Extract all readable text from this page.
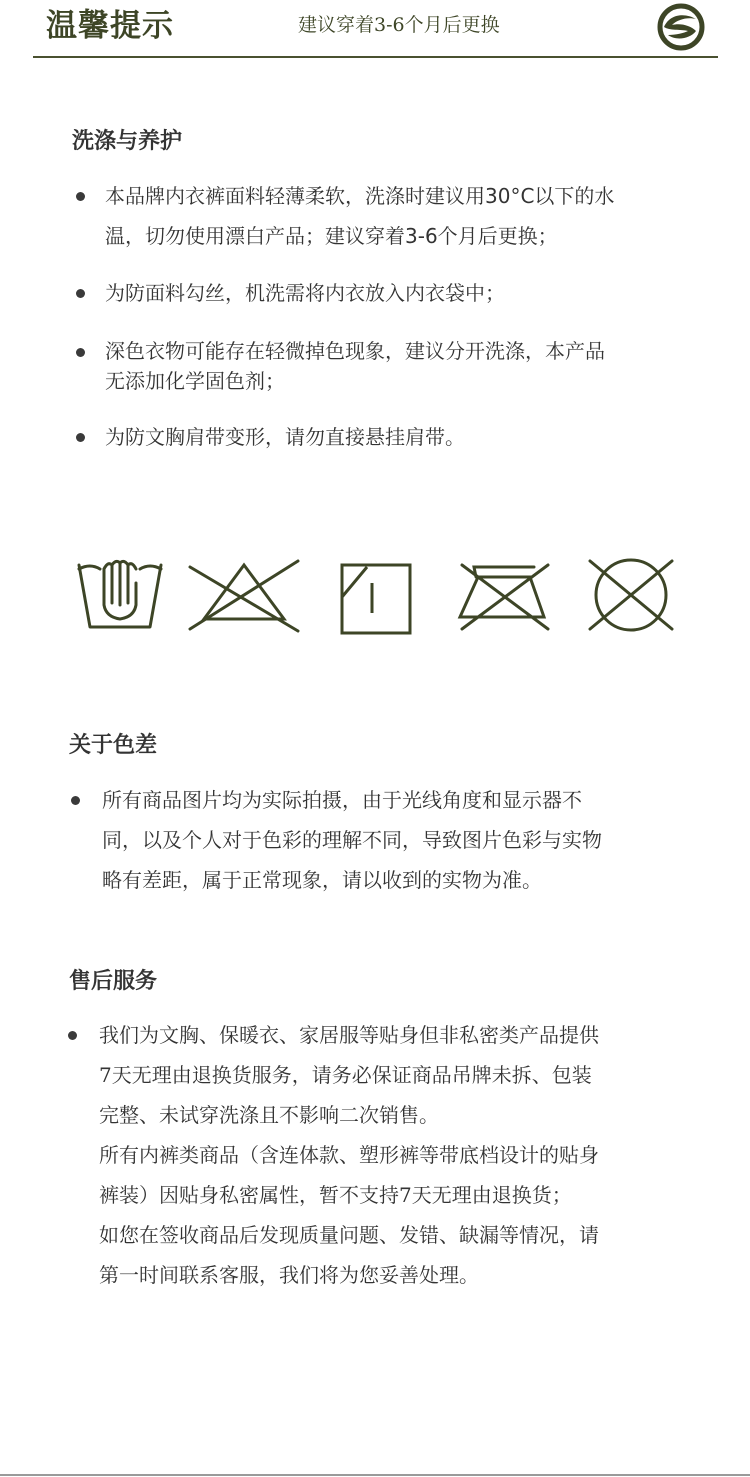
温馨提示	建议穿着3-6个月后更换
洗涤与养护
本品牌内衣裤面料轻薄柔软，洗涤时建议用30°C以下的水
温，切勿使用漂白产品；建议穿着3-6个月后更换；
为防面料勾丝，机洗需将内衣放入内衣袋中；
深色衣物可能存在轻微掉色现象，建议分开洗涤，本产品
无添加化学固色剂；
为防文胸肩带变形，请勿直接悬挂肩带。
关于色差
所有商品图片均为实际拍摄，由于光线角度和显示器不
同，以及个人对于色彩的理解不同，导致图片色彩与实物
略有差距，属于正常现象，请以收到的实物为准。
售后服务
我们为文胸、保暖衣、家居服等贴身但非私密类产品提供
7天无理由退换货服务，请务必保证商品吊牌未拆、包装
完整、未试穿洗涤且不影响二次销售。
所有内裤类商品（含连体款、塑形裤等带底档设计的贴身
裤装）因贴身私密属性，暂不支持7天无理由退换货；
如您在签收商品后发现质量问题、发错、缺漏等情况，请
第一时间联系客服，我们将为您妥善处理。
